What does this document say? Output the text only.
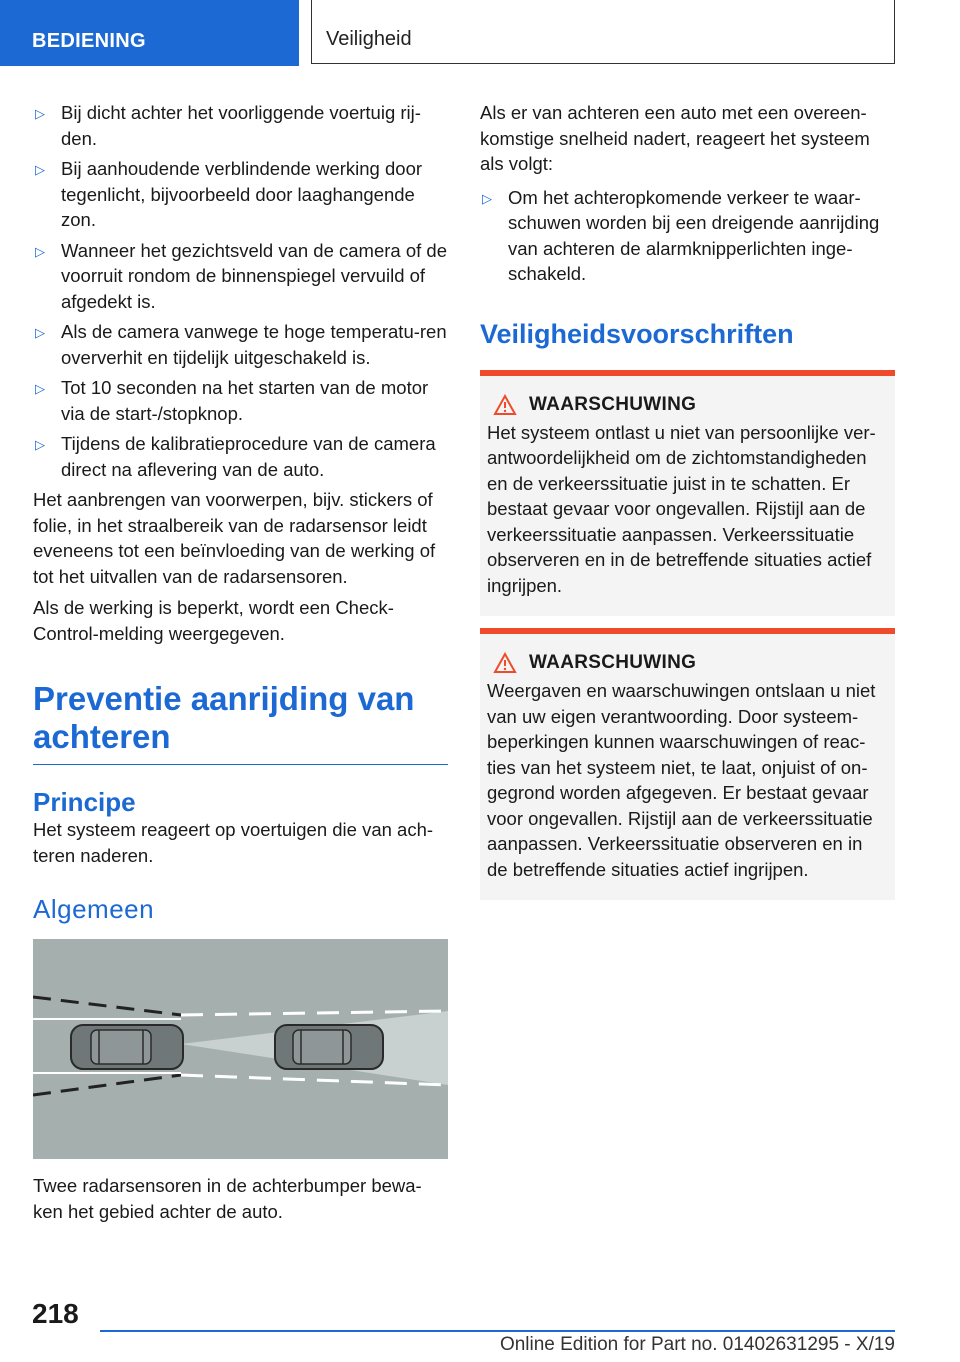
BEDIENING	Veiligheid
▷ Bij dicht achter het voorliggende voertuig rij-den.
▷ Bij aanhoudende verblindende werking door tegenlicht, bijvoorbeeld door laaghangende zon.
▷ Wanneer het gezichtsveld van de camera of de voorruit rondom de binnenspiegel vervuild of afgedekt is.
▷ Als de camera vanwege te hoge temperatu-ren oververhit en tijdelijk uitgeschakeld is.
▷ Tot 10 seconden na het starten van de motor via de start-/stopknop.
▷ Tijdens de kalibratieprocedure van de camera direct na aflevering van de auto.

Het aanbrengen van voorwerpen, bijv. stickers of folie, in het straalbereik van de radarsensor leidt eveneens tot een beïnvloeding van de werking of tot het uitvallen van de radarsensoren.

Als de werking is beperkt, wordt een Check-Control-melding weergegeven.

Preventie aanrijding van achteren
Principe

Het systeem reageert op voertuigen die van ach-teren naderen.

Algemeen

Twee radarsensoren in de achterbumper bewa-ken het gebied achter de auto.

Als er van achteren een auto met een overeen-komstige snelheid nadert, reageert het systeem als volgt:

▷ Om het achteropkomende verkeer te waar-schuwen worden bij een dreigende aanrijding van achteren de alarmknipperlichten inge-schakeld.
Veiligheidsvoorschriften
WAARSCHUWING

Het systeem ontlast u niet van persoonlijke ver-antwoordelijkheid om de zichtomstandigheden en de verkeerssituatie juist in te schatten. Er bestaat gevaar voor ongevallen. Rijstijl aan de verkeerssituatie aanpassen. Verkeerssituatie observeren en in de betreffende situaties actief ingrijpen.

WAARSCHUWING

Weergaven en waarschuwingen ontslaan u niet van uw eigen verantwoording. Door systeem-beperkingen kunnen waarschuwingen of reac-ties van het systeem niet, te laat, onjuist of on-gegrond worden afgegeven. Er bestaat gevaar voor ongevallen. Rijstijl aan de verkeerssituatie aanpassen. Verkeerssituatie observeren en in de betreffende situaties actief ingrijpen.

218
Online Edition for Part no. 01402631295 - X/19
